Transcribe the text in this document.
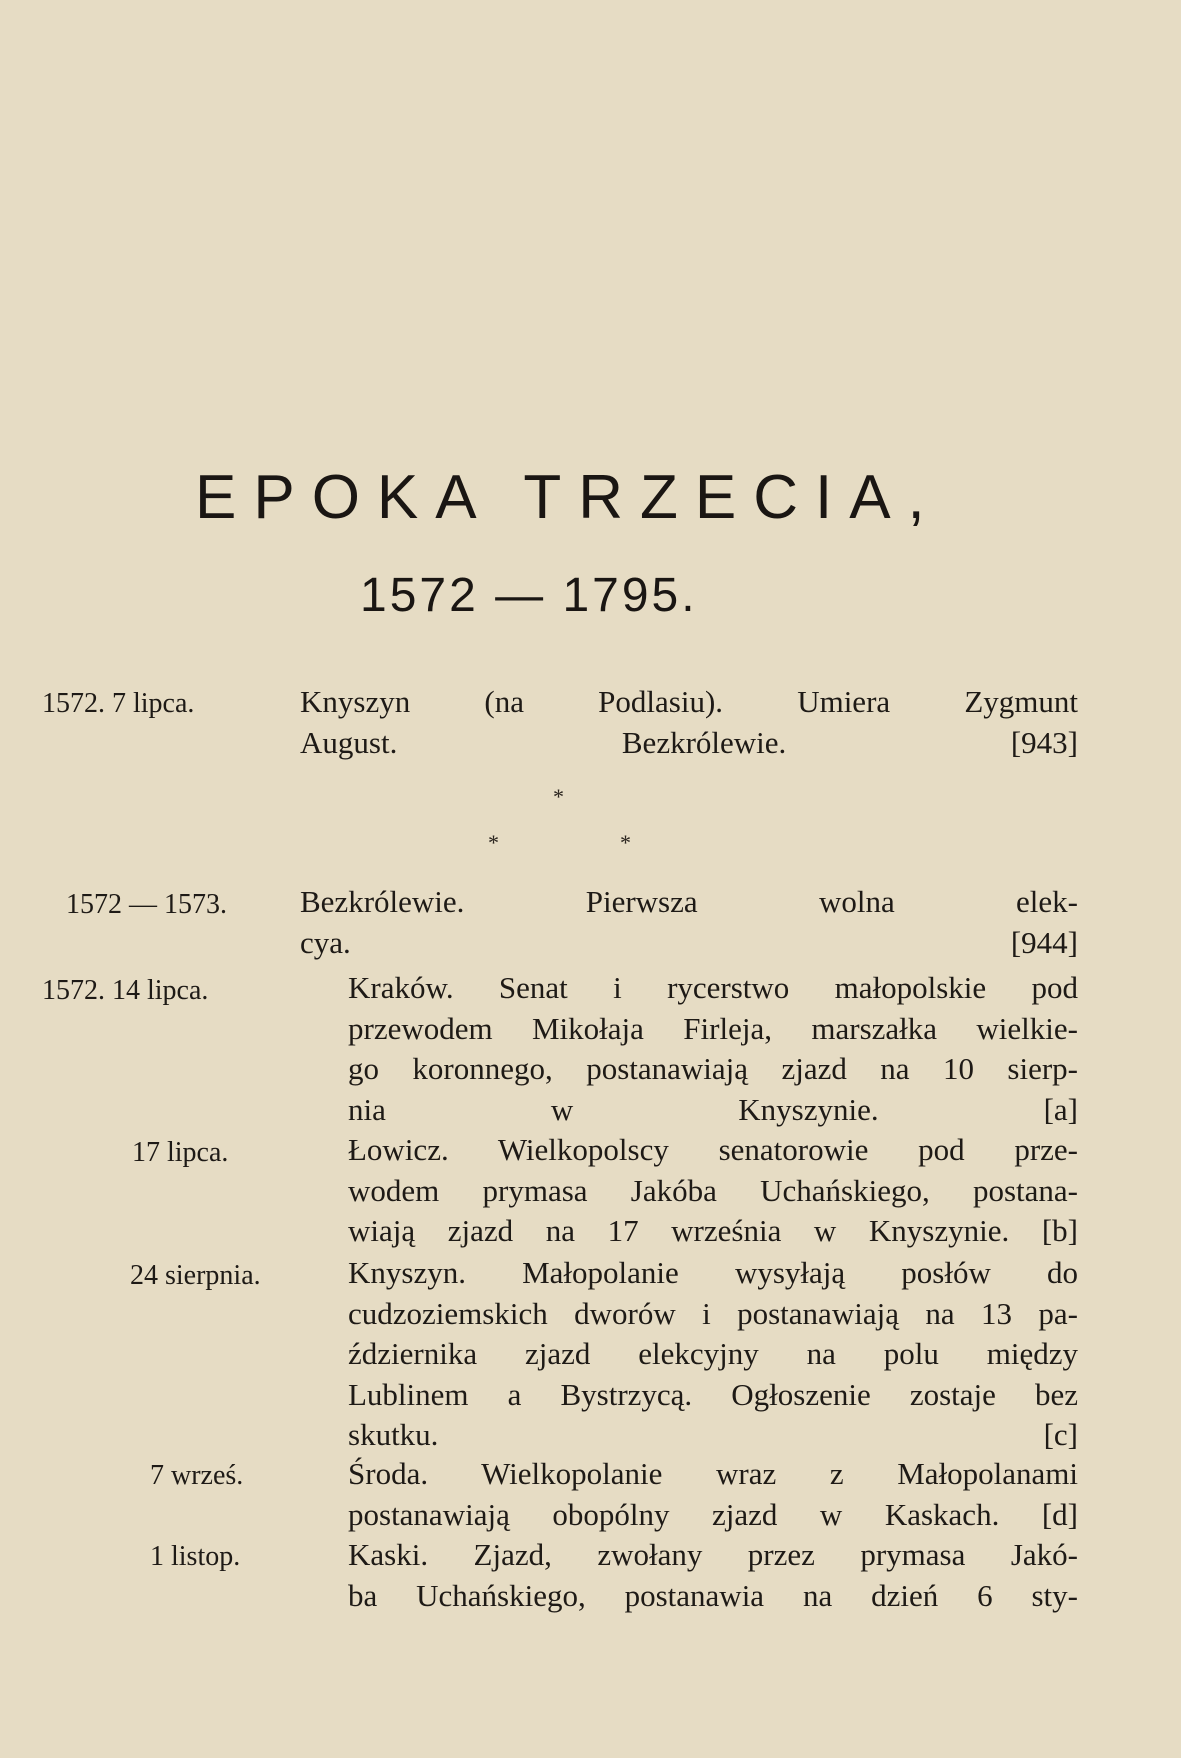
EPOKA TRZECIA,
1572 — 1795.
1572. 7 lipca.	Knyszyn (na Podlasiu). Umiera Zygmunt
August. Bezkrólewie. [943]
*
*	*
1572 — 1573. Bezkrólewie. Pierwsza wolna elek-
cya. [944]
1572. 14 lipca.	Kraków. Senat i rycerstwo małopolskie pod
przewodem Mikołaja Firleja, marszałka wielkie-
go koronnego, postanawiają zjazd na 10 sierp-
nia w Knyszynie. [a]
17 lipca.	Łowicz. Wielkopolscy senatorowie pod prze-
wodem prymasa Jakóba Uchańskiego, postana-
wiają zjazd na 17 września w Knyszynie. [b]
24 sierpnia.	Knyszyn. Małopolanie wysyłają posłów do
cudzoziemskich dworów i postanawiają na 13 pa-
ździernika zjazd elekcyjny na polu między
Lublinem a Bystrzycą. Ogłoszenie zostaje bez
skutku. [c]
7 wrześ.	Środa. Wielkopolanie wraz z Małopolanami
postanawiają obopólny zjazd w Kaskach. [d]
1 listop.	Kaski. Zjazd, zwołany przez prymasa Jakó-
ba Uchańskiego, postanawia na dzień 6 sty-
